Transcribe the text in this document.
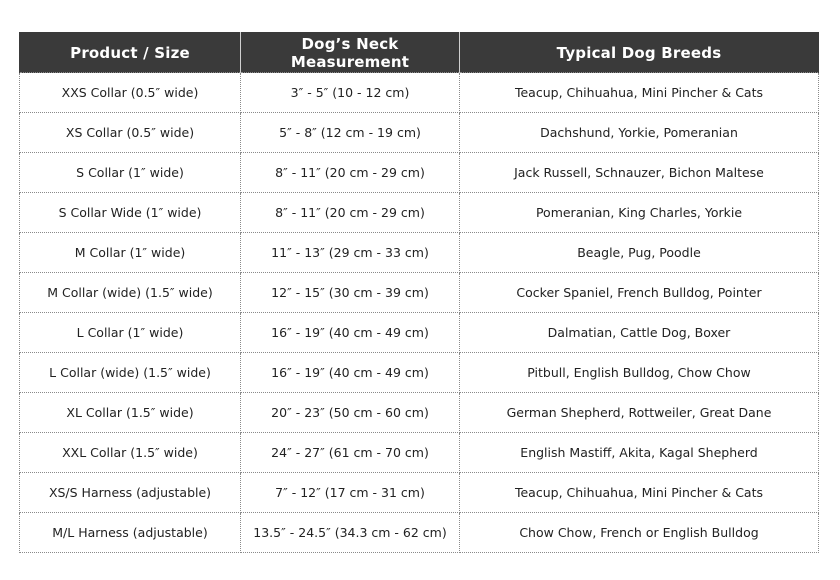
Product / Size	Dog’s Neck Measurement	Typical Dog Breeds
XXS Collar (0.5″ wide)	3″ - 5″ (10 - 12 cm)	Teacup, Chihuahua, Mini Pincher & Cats
XS Collar (0.5″ wide)	5″ - 8″ (12 cm - 19 cm)	Dachshund, Yorkie, Pomeranian
S Collar (1″ wide)	8″ - 11″ (20 cm - 29 cm)	Jack Russell, Schnauzer, Bichon Maltese
S Collar Wide (1″ wide)	8″ - 11″ (20 cm - 29 cm)	Pomeranian, King Charles, Yorkie
M Collar (1″ wide)	11″ - 13″ (29 cm - 33 cm)	Beagle, Pug, Poodle
M Collar (wide) (1.5″ wide)	12″ - 15″ (30 cm - 39 cm)	Cocker Spaniel, French Bulldog, Pointer
L Collar (1″ wide)	16″ - 19″ (40 cm - 49 cm)	Dalmatian, Cattle Dog, Boxer
L Collar (wide) (1.5″ wide)	16″ - 19″ (40 cm - 49 cm)	Pitbull, English Bulldog, Chow Chow
XL Collar (1.5″ wide)	20″ - 23″ (50 cm - 60 cm)	German Shepherd, Rottweiler, Great Dane
XXL Collar (1.5″ wide)	24″ - 27″ (61 cm - 70 cm)	English Mastiff, Akita, Kagal Shepherd
XS/S Harness (adjustable)	7″ - 12″ (17 cm - 31 cm)	Teacup, Chihuahua, Mini Pincher & Cats
M/L Harness (adjustable)	13.5″ - 24.5″ (34.3 cm - 62 cm)	Chow Chow, French or English Bulldog
